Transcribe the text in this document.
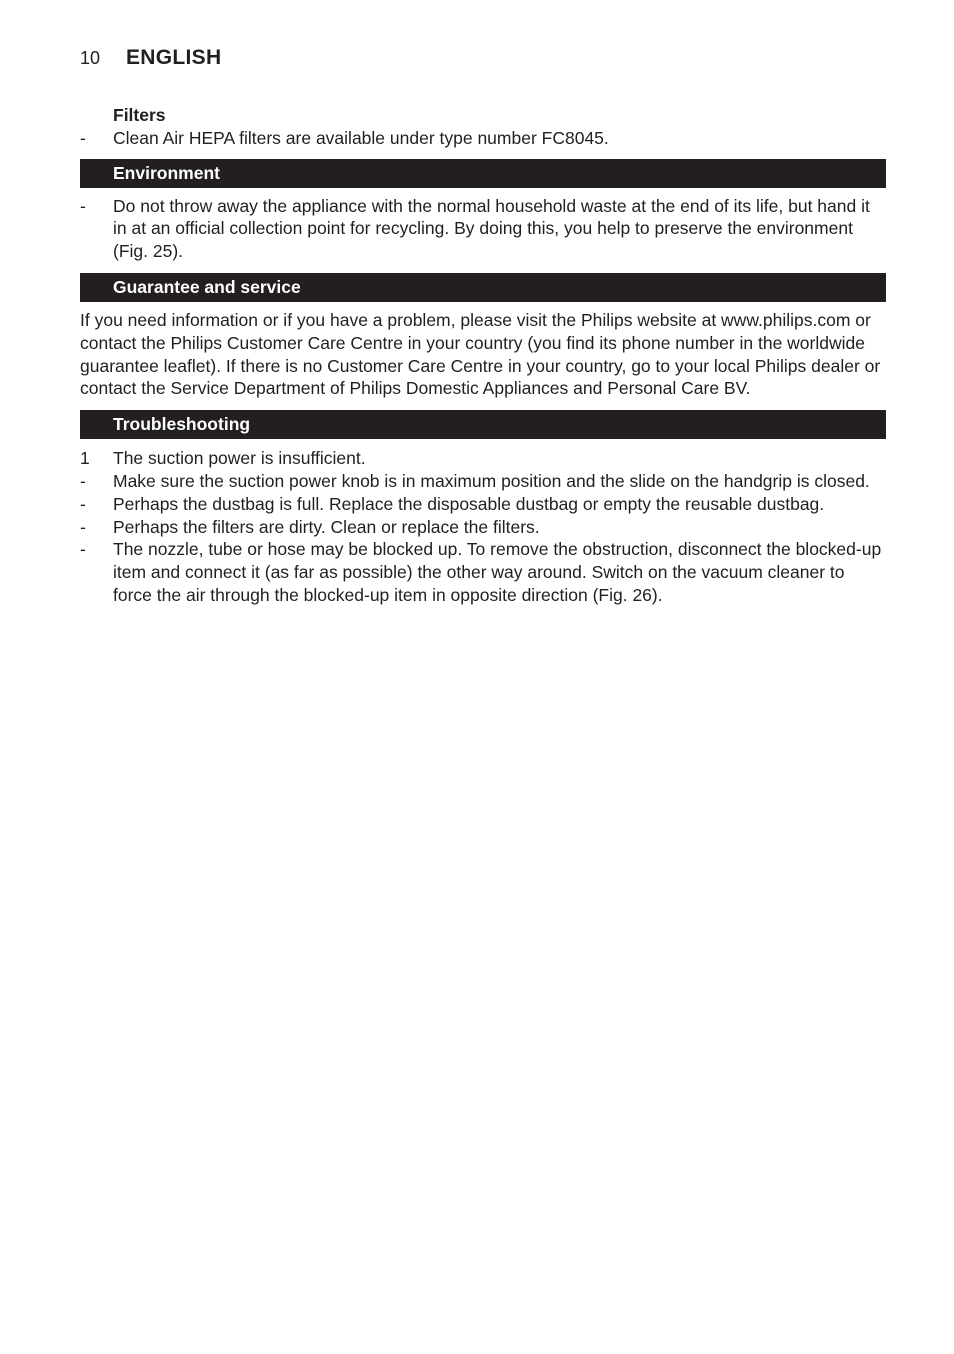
10	ENGLISH

Filters

-	Clean Air HEPA filters are available under type number FC8045.
Environment
-	Do not throw away the appliance with the normal household waste at the end of its life, but hand it in at an official collection point for recycling. By doing this, you help to preserve the environment (Fig. 25).
Guarantee and service

If you need information or if you have a problem, please visit the Philips website at www.philips.com or contact the Philips Customer Care Centre in your country (you find its phone number in the worldwide guarantee leaflet). If there is no Customer Care Centre in your country, go to your local Philips dealer or contact the Service Department of Philips Domestic Appliances and Personal Care BV.

Troubleshooting
1	The suction power is insufficient.
-	Make sure the suction power knob is in maximum position and the slide on the handgrip is closed.
-	Perhaps the dustbag is full. Replace the disposable dustbag or empty the reusable dustbag.
-	Perhaps the filters are dirty. Clean or replace the filters.
-	The nozzle, tube or hose may be blocked up. To remove the obstruction, disconnect the blocked-up item and connect it (as far as possible) the other way around. Switch on the vacuum cleaner to force the air through the blocked-up item in opposite direction (Fig. 26).
